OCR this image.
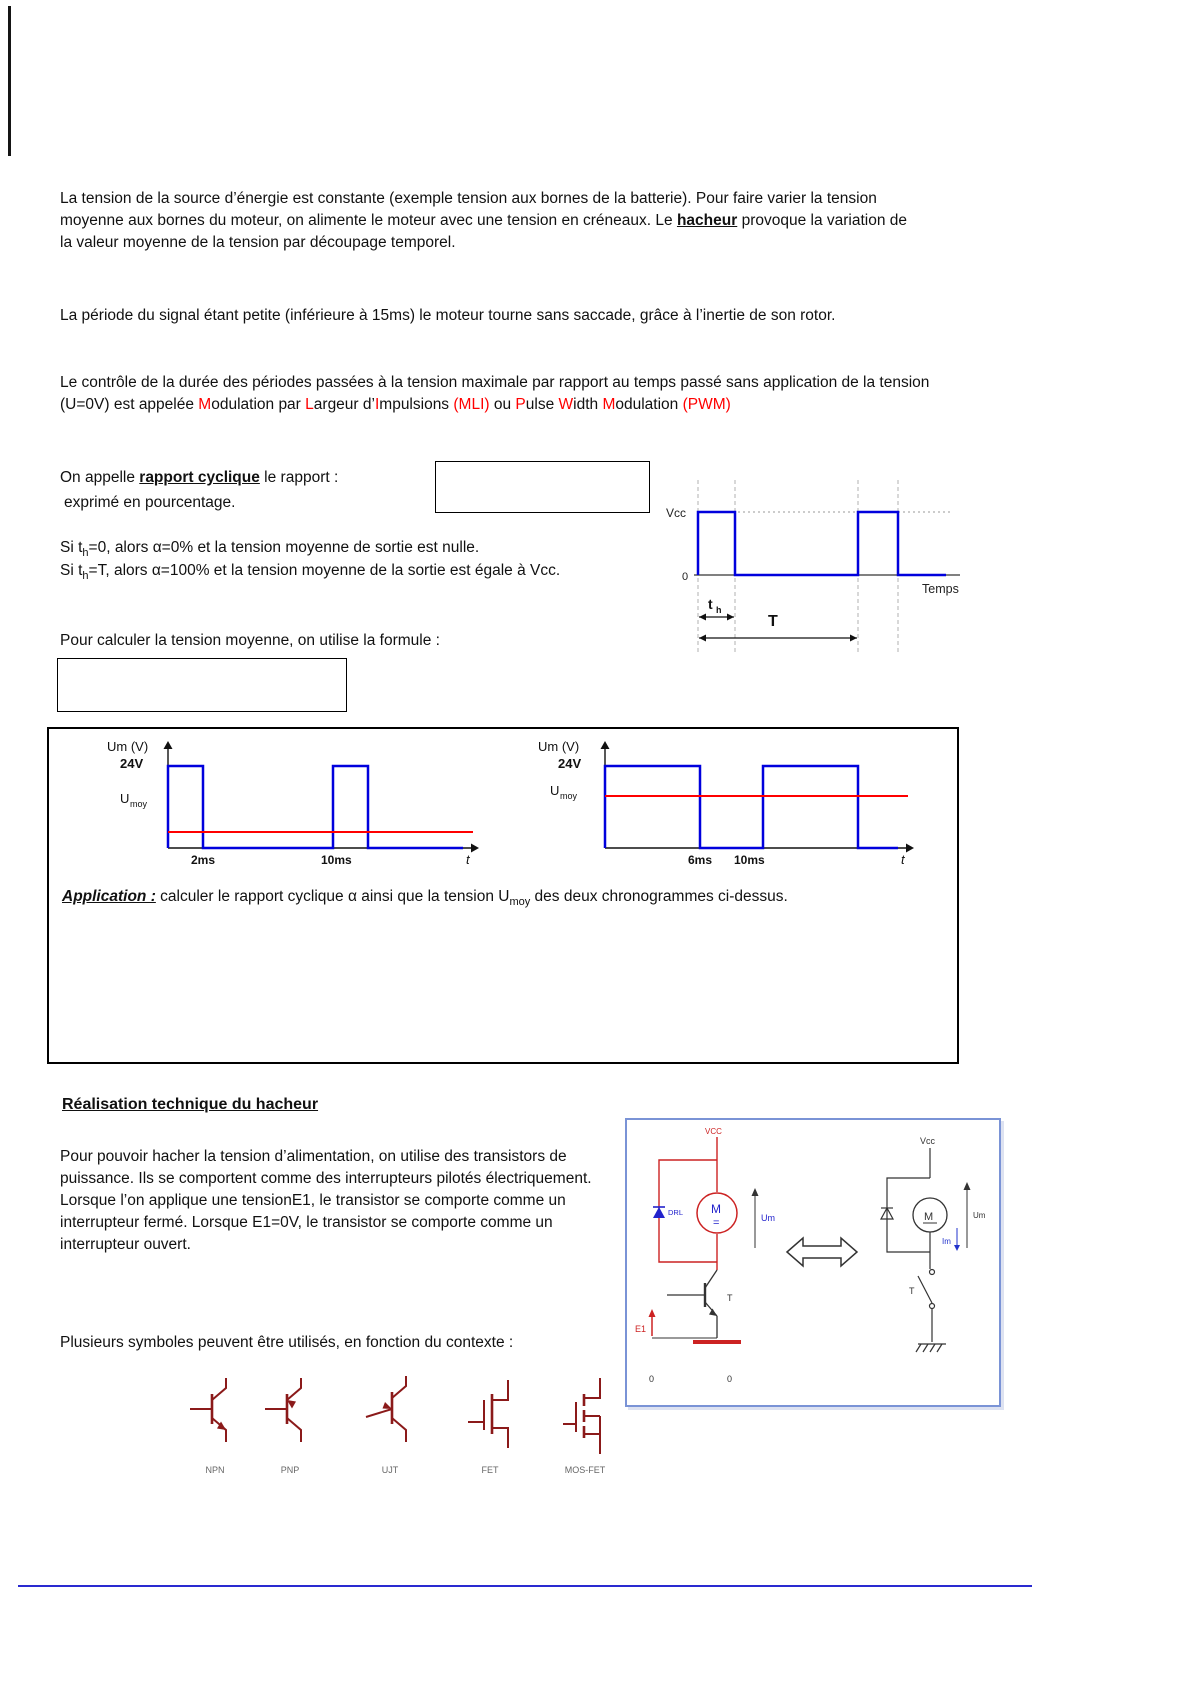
La tension de la source d’énergie est constante (exemple tension aux bornes de la batterie). Pour faire varier la tension moyenne aux bornes du moteur, on alimente le moteur avec une tension en créneaux. Le hacheur provoque la variation de la valeur moyenne de la tension par découpage temporel.
La période du signal étant petite (inférieure à 15ms) le moteur tourne sans saccade, grâce à l’inertie de son rotor.
Le contrôle de la durée des périodes passées à la tension maximale par rapport au temps passé sans application de la tension (U=0V) est appelée Modulation par Largeur d’Impulsions (MLI) ou Pulse Width Modulation (PWM)
On appelle rapport cyclique le rapport :
exprimé en pourcentage.
Si $t_h=0$, alors α=0% et la tension moyenne de sortie est nulle.
Si $t_h=T$, alors α=100% et la tension moyenne de la sortie est égale à Vcc.
Pour calculer la tension moyenne, on utilise la formule :
Vcc
0
Temps
t h
T
Um (V)
24V
U moy
2ms	10ms	t
Um (V)
24V
U moy
6ms 10ms	t
Application : calculer le rapport cyclique α ainsi que la tension $U_{moy}$ des deux chronogrammes ci-dessus.
Réalisation technique du hacheur
Pour pouvoir hacher la tension d’alimentation, on utilise des transistors de puissance. Ils se comportent comme des interrupteurs pilotés électriquement. Lorsque l’on applique une tensionE1, le transistor se comporte comme un interrupteur fermé. Lorsque E1=0V, le transistor se comporte comme un interrupteur ouvert.
Plusieurs symboles peuvent être utilisés, en fonction du contexte :
VCC
DRL M
=	Um
T
E1
0	0
Vcc
M	Um
Im
T
NPN	PNP	UJT	FET	MOS-FET
